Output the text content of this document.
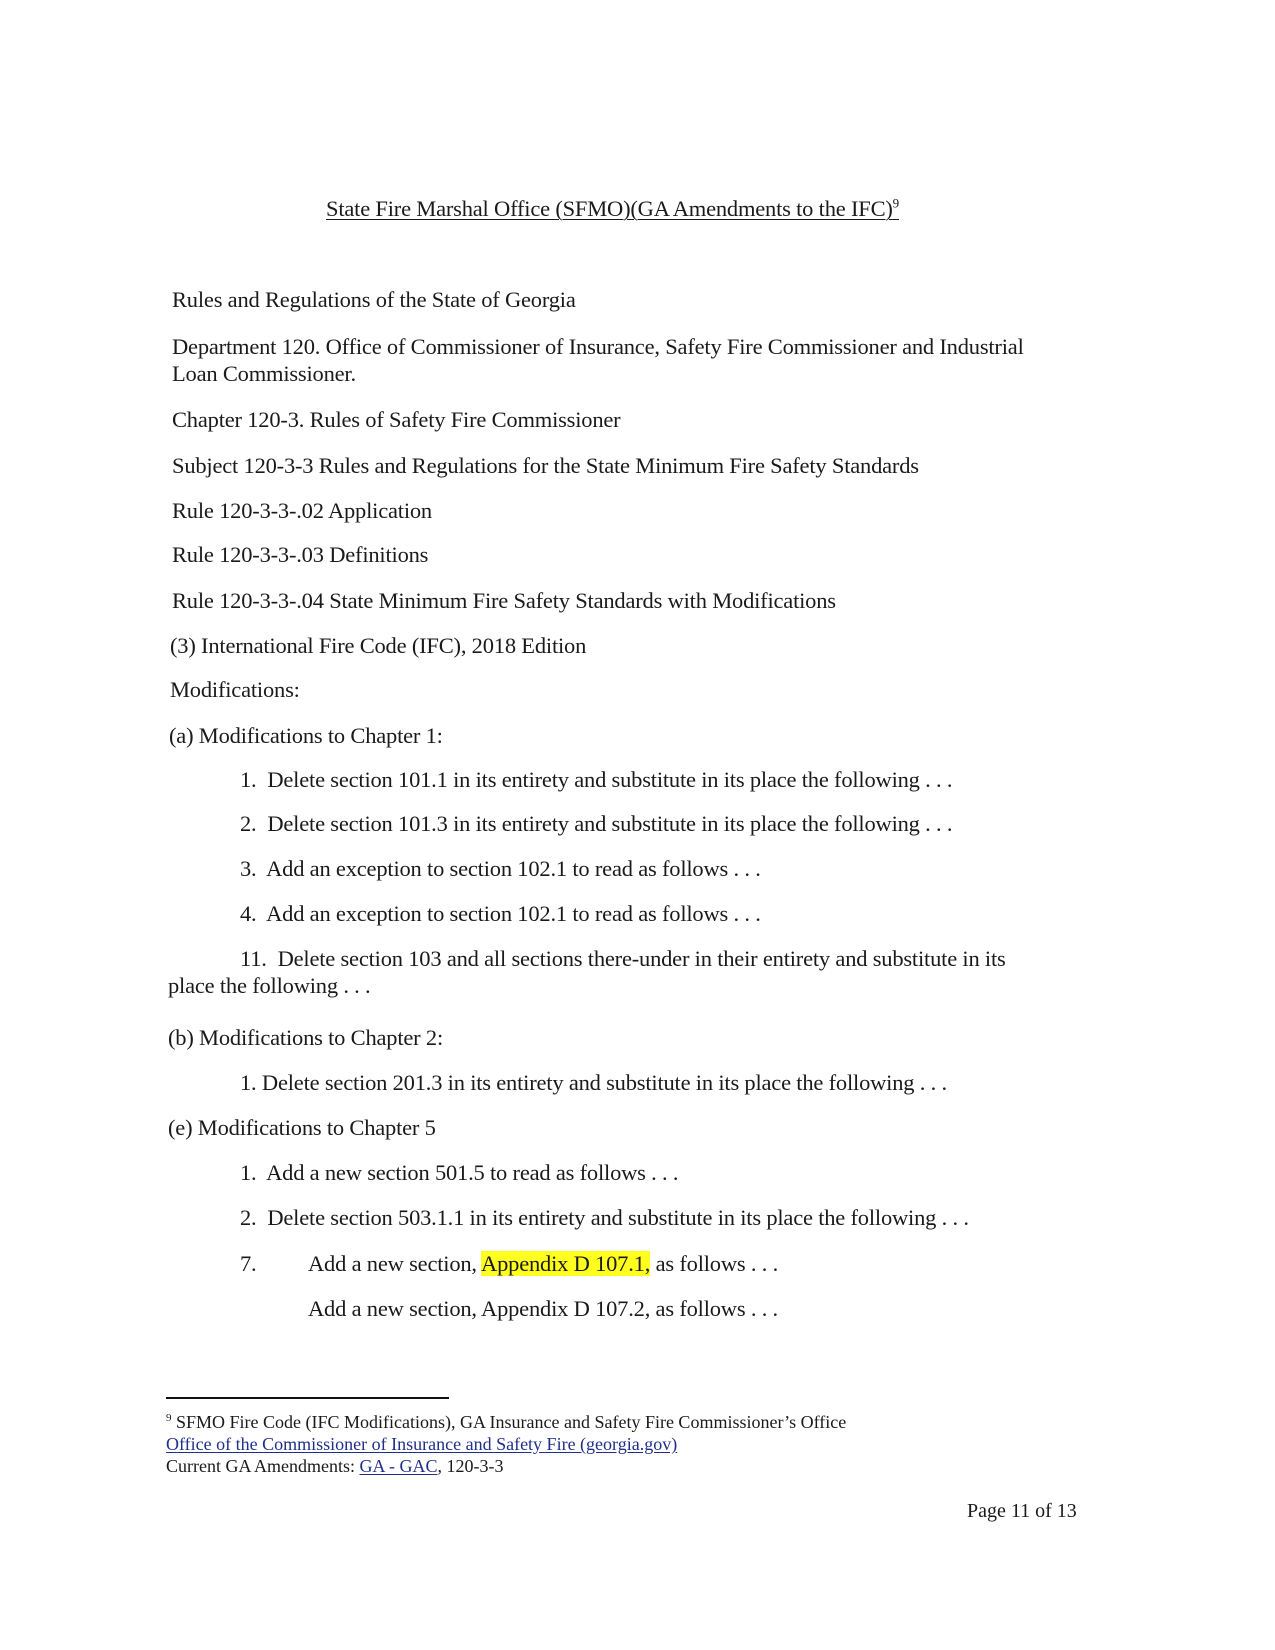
State Fire Marshal Office (SFMO)(GA Amendments to the IFC)$^9$
Rules and Regulations of the State of Georgia
Department 120. Office of Commissioner of Insurance, Safety Fire Commissioner and Industrial
Loan Commissioner.
Chapter 120-3. Rules of Safety Fire Commissioner
Subject 120-3-3 Rules and Regulations for the State Minimum Fire Safety Standards
Rule 120-3-3-.02 Application
Rule 120-3-3-.03 Definitions
Rule 120-3-3-.04 State Minimum Fire Safety Standards with Modifications
(3) International Fire Code (IFC), 2018 Edition
Modifications:
(a) Modifications to Chapter 1:
1. Delete section 101.1 in its entirety and substitute in its place the following . . .
2. Delete section 101.3 in its entirety and substitute in its place the following . . .
3. Add an exception to section 102.1 to read as follows . . .
4. Add an exception to section 102.1 to read as follows . . .
11. Delete section 103 and all sections there-under in their entirety and substitute in its
place the following . . .
(b) Modifications to Chapter 2:
1. Delete section 201.3 in its entirety and substitute in its place the following . . .
(e) Modifications to Chapter 5
1. Add a new section 501.5 to read as follows . . .
2. Delete section 503.1.1 in its entirety and substitute in its place the following . . .
7. Add a new section, Appendix D 107.1, as follows . . .
Add a new section, Appendix D 107.2, as follows . . .
$^9$ SFMO Fire Code (IFC Modifications), GA Insurance and Safety Fire Commissioner’s Office
Office of the Commissioner of Insurance and Safety Fire (georgia.gov)
Current GA Amendments: GA - GAC, 120-3-3
Page 11 of 13
